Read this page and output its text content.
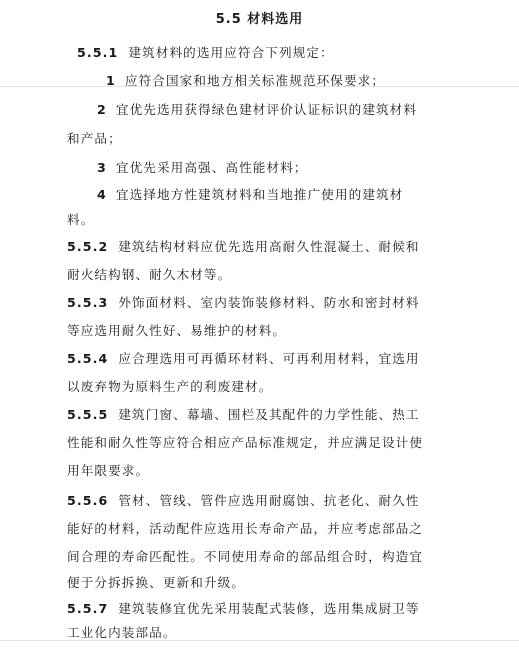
5.5 材料选用
5.5.1 建筑材料的选用应符合下列规定：
1 应符合国家和地方相关标准规范环保要求；
2 宜优先选用获得绿色建材评价认证标识的建筑材料
和产品；
3 宜优先采用高强、高性能材料；
4 宜选择地方性建筑材料和当地推广使用的建筑材
料。
5.5.2 建筑结构材料应优先选用高耐久性混凝土、耐候和
耐火结构钢、耐久木材等。
5.5.3 外饰面材料、室内装饰装修材料、防水和密封材料
等应选用耐久性好、易维护的材料。
5.5.4 应合理选用可再循环材料、可再利用材料，宜选用
以废弃物为原料生产的利废建材。
5.5.5 建筑门窗、幕墙、围栏及其配件的力学性能、热工
性能和耐久性等应符合相应产品标准规定，并应满足设计使
用年限要求。
5.5.6 管材、管线、管件应选用耐腐蚀、抗老化、耐久性
能好的材料，活动配件应选用长寿命产品，并应考虑部品之
间合理的寿命匹配性。不同使用寿命的部品组合时，构造宜
便于分拆拆换、更新和升级。
5.5.7 建筑装修宜优先采用装配式装修，选用集成厨卫等
工业化内装部品。
